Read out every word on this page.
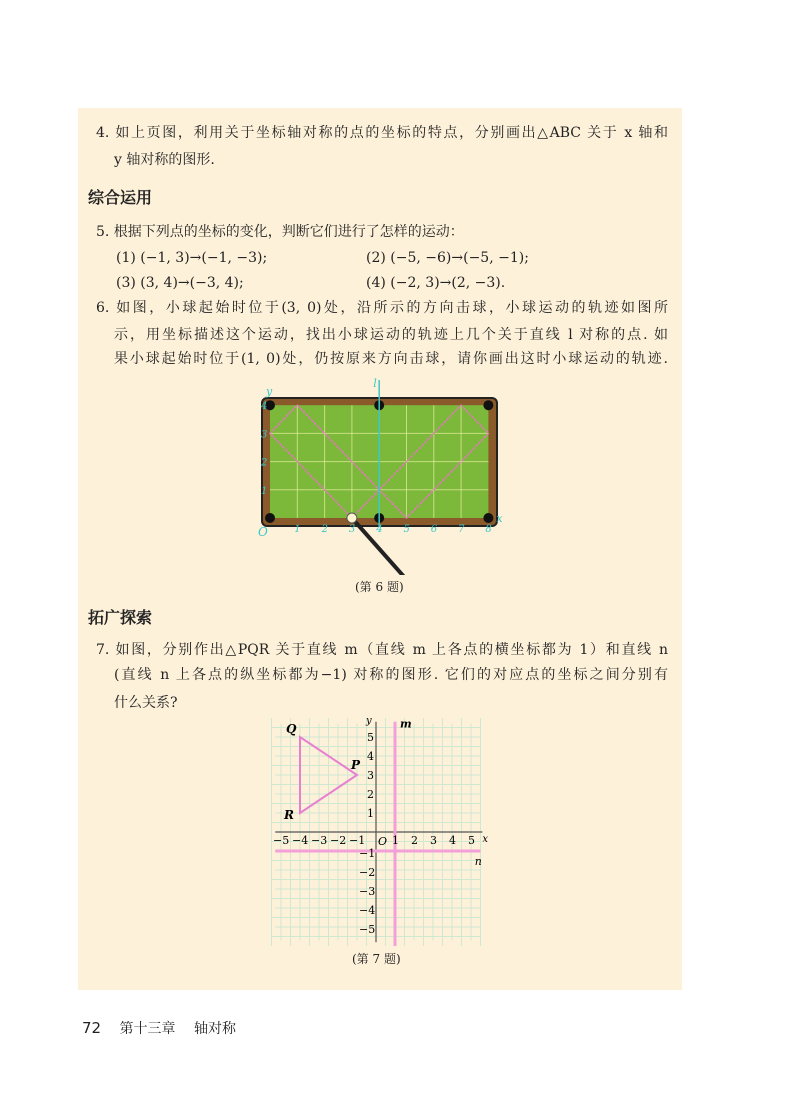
4. 如上页图，利用关于坐标轴对称的点的坐标的特点，分别画出△ABC 关于 x 轴和
y 轴对称的图形.
综合运用
5. 根据下列点的坐标的变化，判断它们进行了怎样的运动：
(1) (−1, 3)→(−1, −3);	(2) (−5, −6)→(−5, −1);
(3) (3, 4)→(−3, 4);	(4) (−2, 3)→(2, −3).
6. 如图，小球起始时位于(3, 0)处，沿所示的方向击球，小球运动的轨迹如图所
示，用坐标描述这个运动，找出小球运动的轨迹上几个关于直线 l 对称的点. 如
果小球起始时位于(1, 0)处，仍按原来方向击球，请你画出这时小球运动的轨迹.
l
1 2 3 4 5 6 7 8
1
2
3
4
O
x
y
(第 6 题)
拓广探索
7. 如图，分别作出△PQR 关于直线 m（直线 m 上各点的横坐标都为 1）和直线 n
(直线 n 上各点的纵坐标都为−1) 对称的图形. 它们的对应点的坐标之间分别有
什么关系?
m
n
P
Q
R
−5 −4 −3 −2 −1 1 2 3 4 5
5
4
3
2
1
−1
−2
−3
−4
−5
O	x
y
(第 7 题)
72 第十三章 轴对称
